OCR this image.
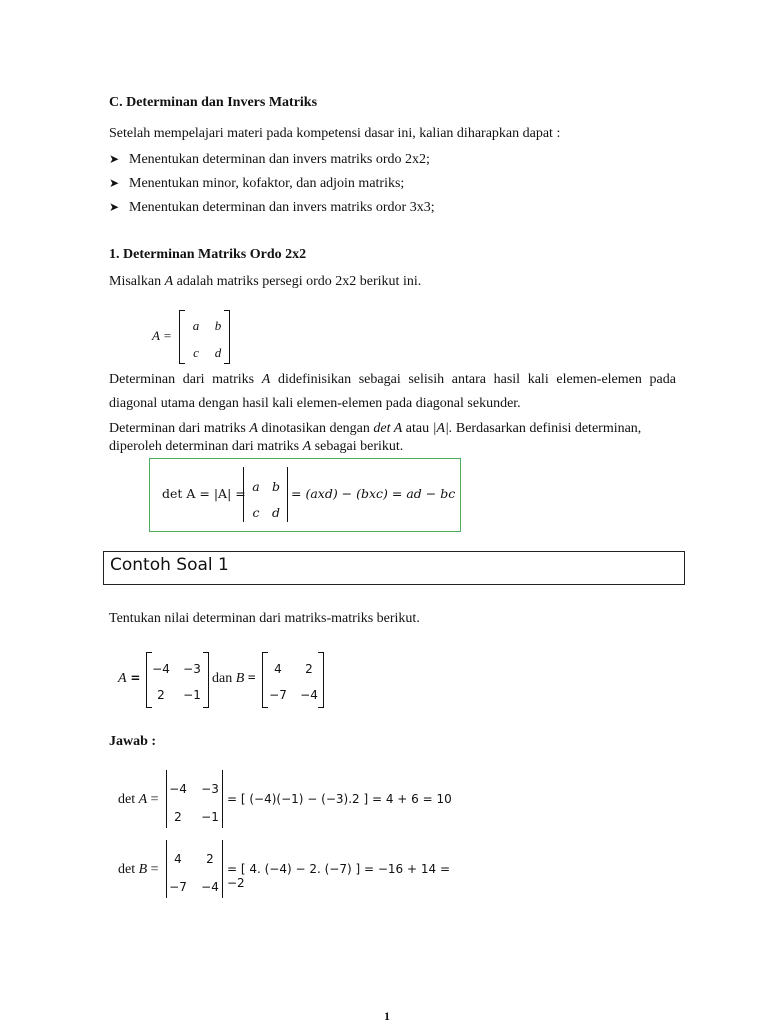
C. Determinan dan Invers Matriks
Setelah mempelajari materi pada kompetensi dasar ini, kalian diharapkan dapat :
➤ Menentukan determinan dan invers matriks ordo 2x2;
➤ Menentukan minor, kofaktor, dan adjoin matriks;
➤ Menentukan determinan dan invers matriks ordor 3x3;
1. Determinan Matriks Ordo 2x2
Misalkan A adalah matriks persegi ordo 2x2 berikut ini.
A =
a	b
c	d
Determinan dari matriks A didefinisikan sebagai selisih antara hasil kali elemen-elemen pada
diagonal utama dengan hasil kali elemen-elemen pada diagonal sekunder.
Determinan dari matriks A dinotasikan dengan det A atau |A|. Berdasarkan definisi determinan,
diperoleh determinan dari matriks A sebagai berikut.
det A = |A| = a b
c d
= (axd) − (bxc) = ad − bc
Contoh Soal 1
Tentukan nilai determinan dari matriks-matriks berikut.
A =
−4 −3
2	−1
dan B =
4	2
−7 −4
Jawab :
det A =
−4 −3
2	−1
= [ (−4)(−1) − (−3).2 ] = 4 + 6 = 10
det B =
4	2
−7 −4
= [ 4. (−4) − 2. (−7) ] = −16 + 14 = −2
1
